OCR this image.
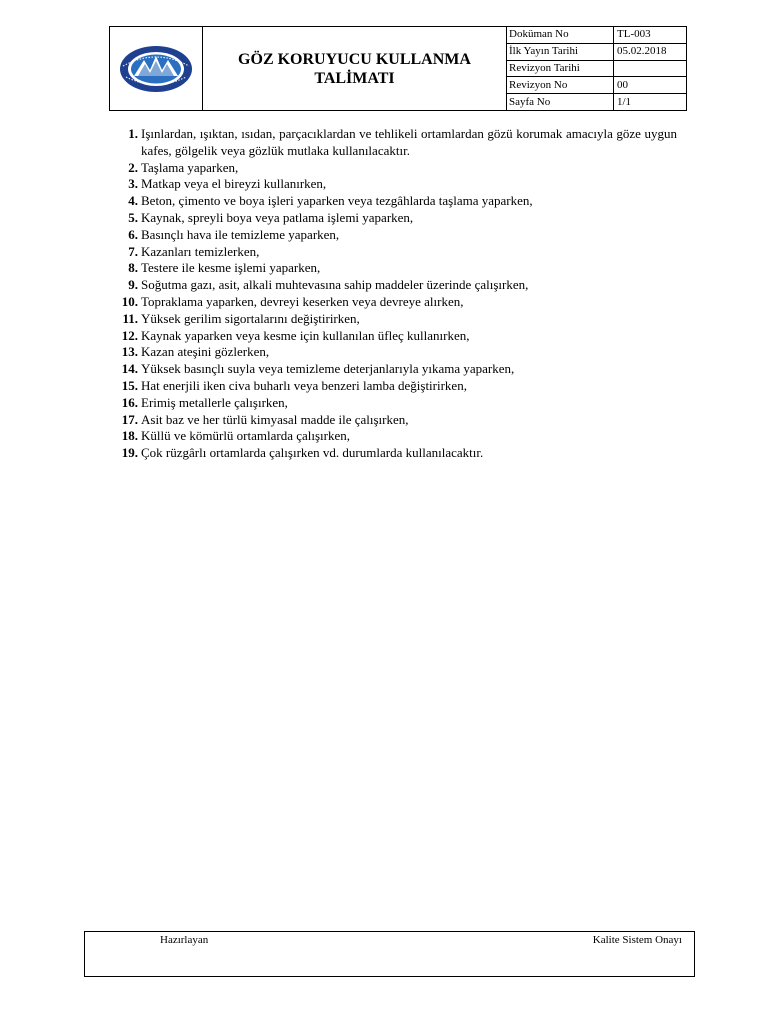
GÖZ KORUYUCU KULLANMA
TALİMATI	Doküman No	TL-003
		İlk Yayın Tarihi	05.02.2018
		Revizyon Tarihi	
		Revizyon No	00
		Sayfa No	1/1
1. Işınlardan, ışıktan, ısıdan, parçacıklardan ve tehlikeli ortamlardan gözü korumak amacıyla göze uygun kafes, gölgelik veya gözlük mutlaka kullanılacaktır.
2. Taşlama yaparken,
3. Matkap veya el bireyzi kullanırken,
4. Beton, çimento ve boya işleri yaparken veya tezgâhlarda taşlama yaparken,
5. Kaynak, spreyli boya veya patlama işlemi yaparken,
6. Basınçlı hava ile temizleme yaparken,
7. Kazanları temizlerken,
8. Testere ile kesme işlemi yaparken,
9. Soğutma gazı, asit, alkali muhtevasına sahip maddeler üzerinde çalışırken,
10. Topraklama yaparken, devreyi keserken veya devreye alırken,
11. Yüksek gerilim sigortalarını değiştirirken,
12. Kaynak yaparken veya kesme için kullanılan üfleç kullanırken,
13. Kazan ateşini gözlerken,
14. Yüksek basınçlı suyla veya temizleme deterjanlarıyla yıkama yaparken,
15. Hat enerjili iken civa buharlı veya benzeri lamba değiştirirken,
16. Erimiş metallerle çalışırken,
17. Asit baz ve her türlü kimyasal madde ile çalışırken,
18. Küllü ve kömürlü ortamlarda çalışırken,
19. Çok rüzgârlı ortamlarda çalışırken vd. durumlarda kullanılacaktır.
Hazırlayan	Kalite Sistem Onayı
